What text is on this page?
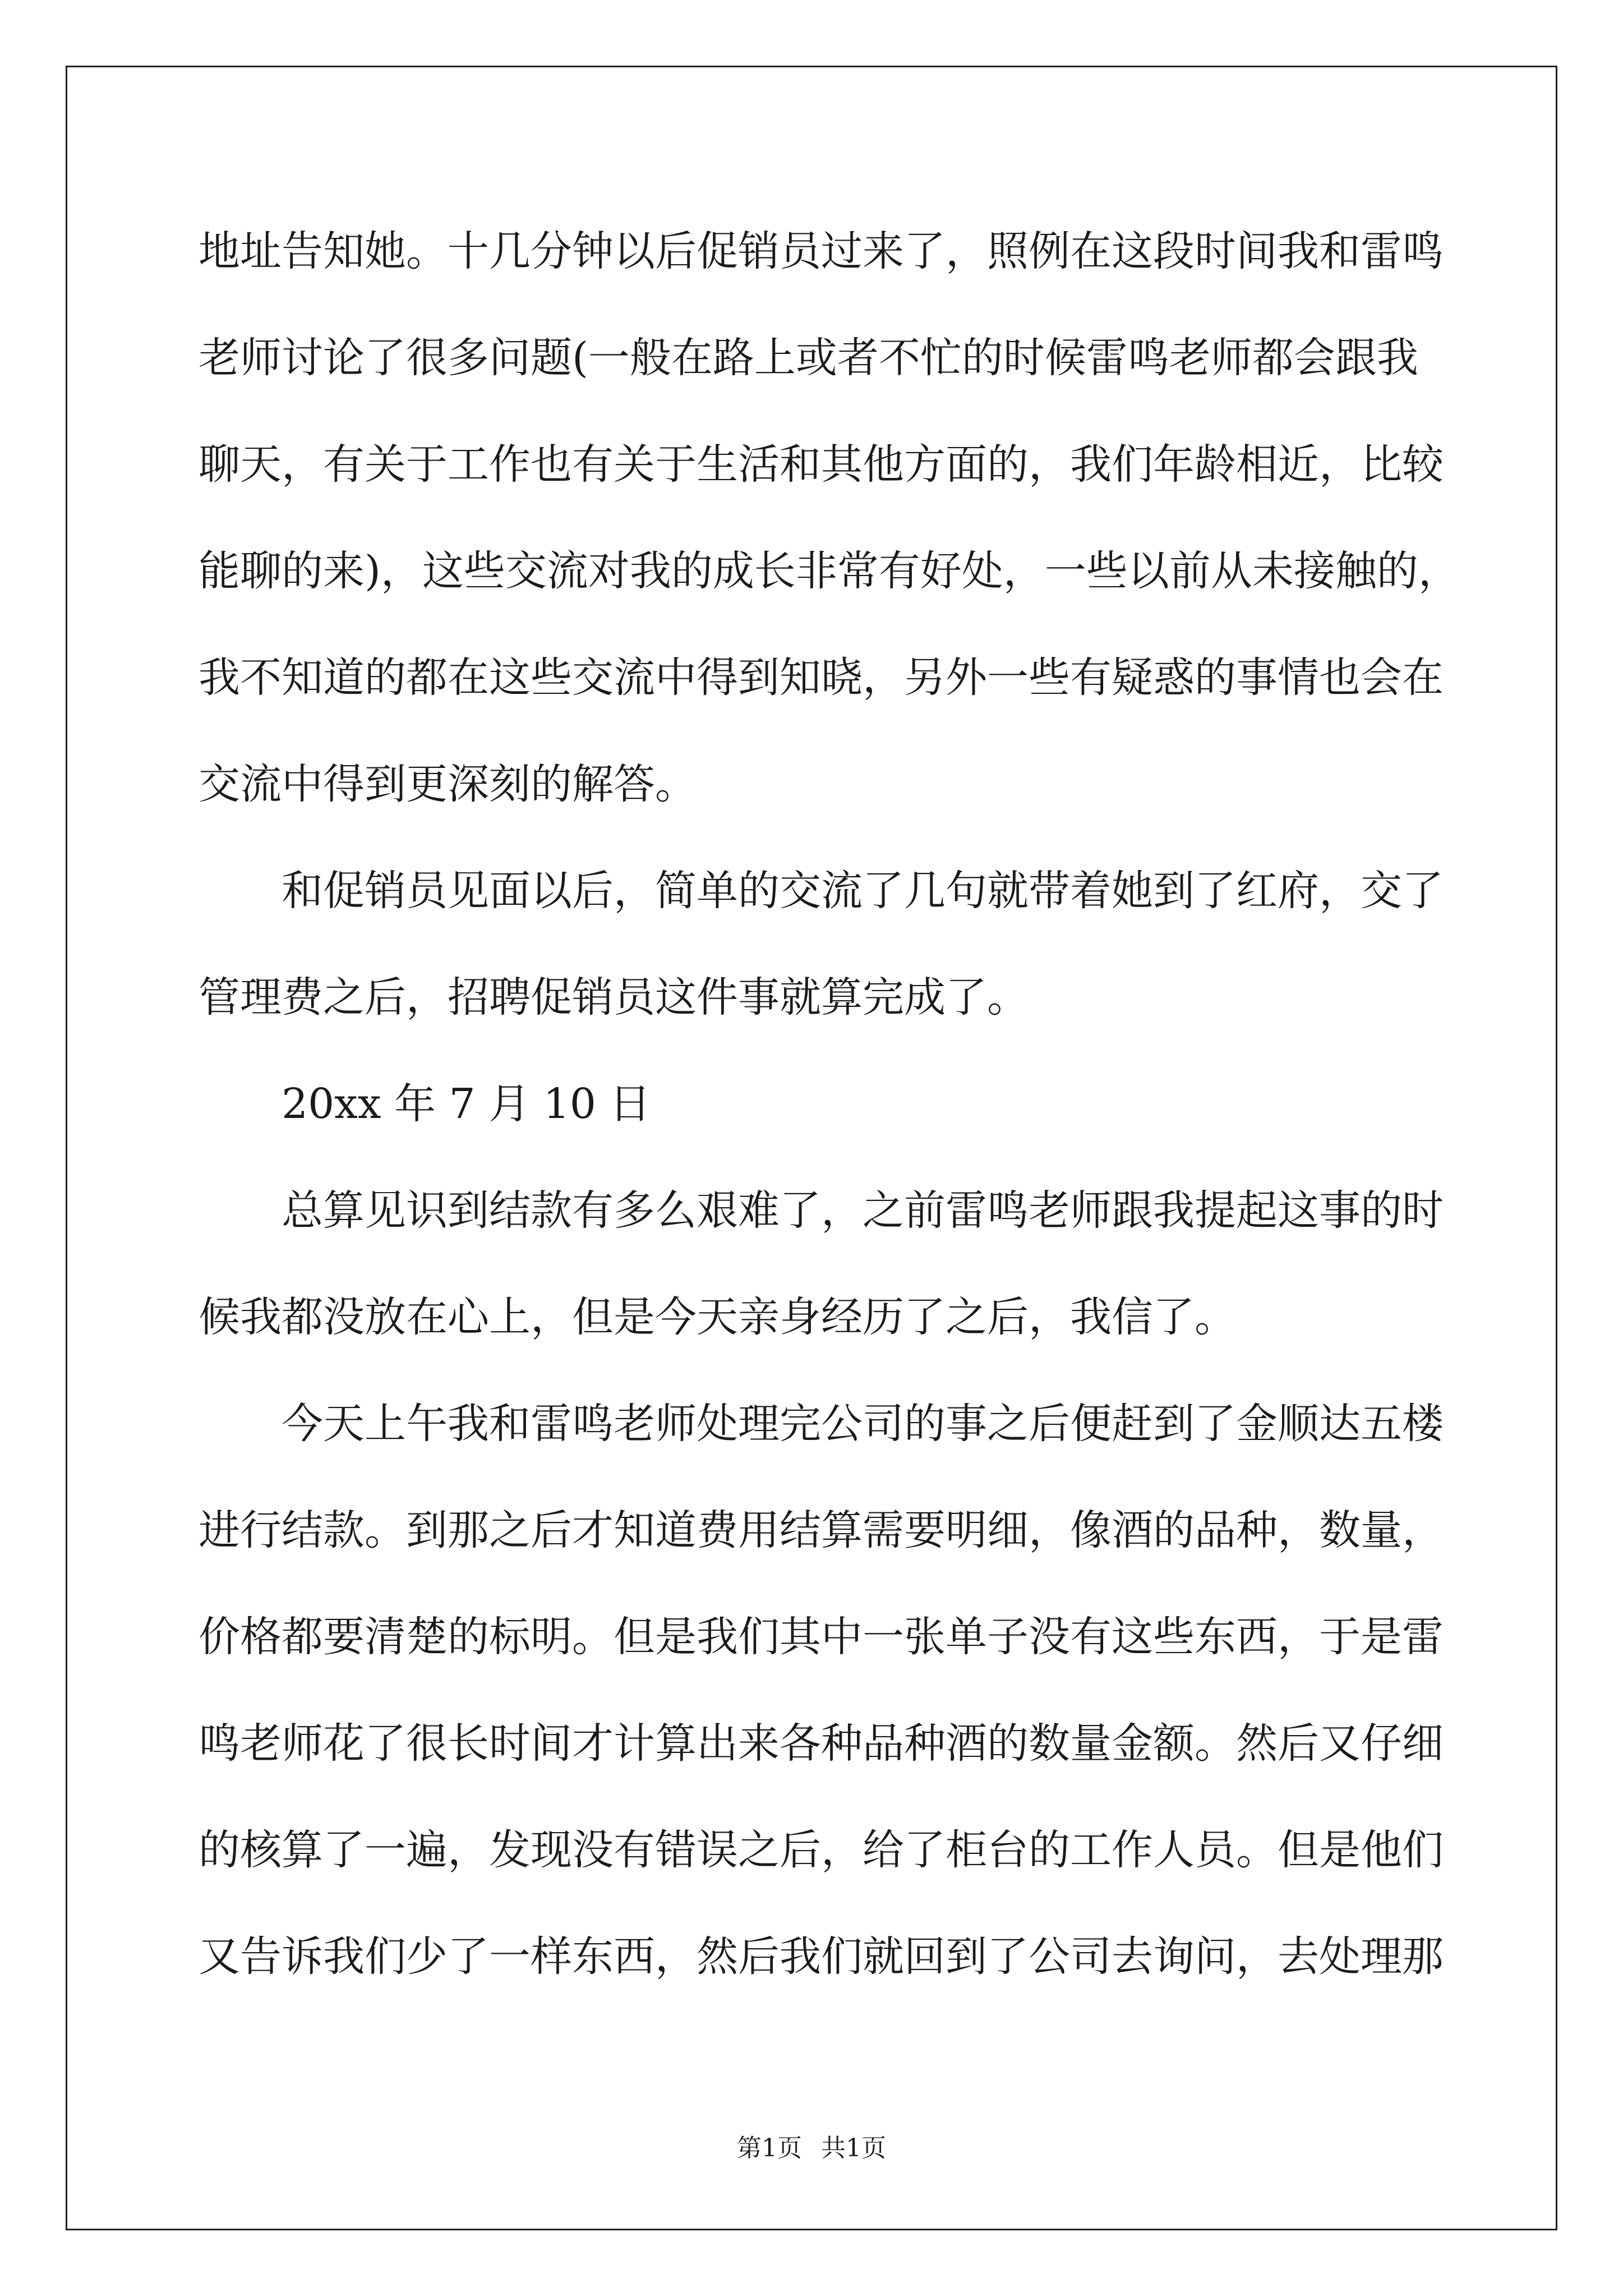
地址告知她。十几分钟以后促销员过来了，照例在这段时间我和雷鸣
老师讨论了很多问题(一般在路上或者不忙的时候雷鸣老师都会跟我
聊天，有关于工作也有关于生活和其他方面的，我们年龄相近，比较
能聊的来)，这些交流对我的成长非常有好处，一些以前从未接触的，
我不知道的都在这些交流中得到知晓，另外一些有疑惑的事情也会在
交流中得到更深刻的解答。
　　和促销员见面以后，简单的交流了几句就带着她到了红府，交了
管理费之后，招聘促销员这件事就算完成了。
　　20xx 年 7 月 10 日
　　总算见识到结款有多么艰难了，之前雷鸣老师跟我提起这事的时
候我都没放在心上，但是今天亲身经历了之后，我信了。
　　今天上午我和雷鸣老师处理完公司的事之后便赶到了金顺达五楼
进行结款。到那之后才知道费用结算需要明细，像酒的品种，数量，
价格都要清楚的标明。但是我们其中一张单子没有这些东西，于是雷
鸣老师花了很长时间才计算出来各种品种酒的数量金额。然后又仔细
的核算了一遍，发现没有错误之后，给了柜台的工作人员。但是他们
又告诉我们少了一样东西，然后我们就回到了公司去询问，去处理那
第1页 共1页
